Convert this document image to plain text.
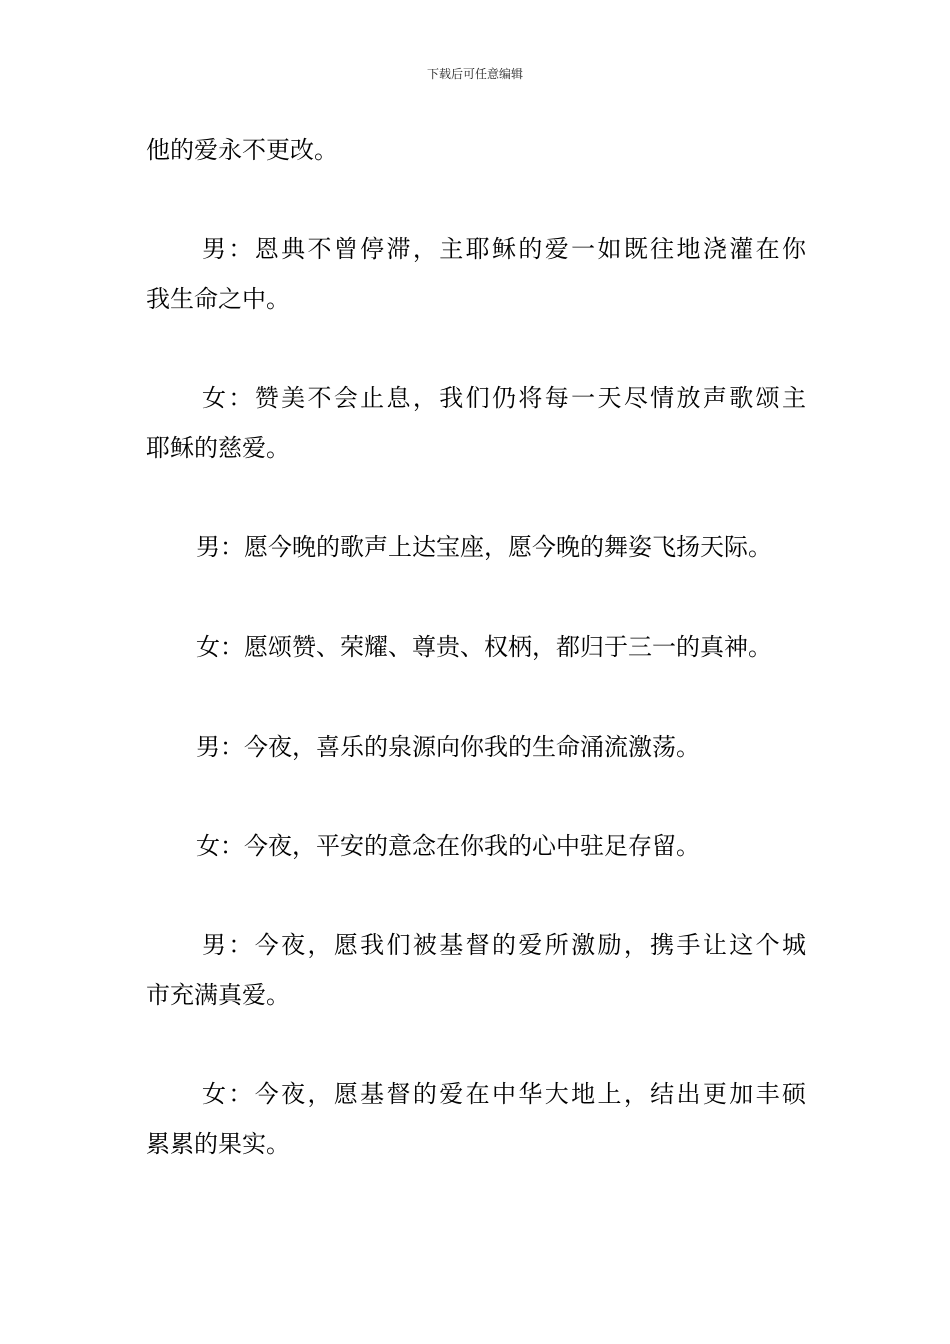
下载后可任意编辑
他的爱永不更改。
男：恩典不曾停滞，主耶稣的爱一如既往地浇灌在你
我生命之中。
女：赞美不会止息，我们仍将每一天尽情放声歌颂主
耶稣的慈爱。
男：愿今晚的歌声上达宝座，愿今晚的舞姿飞扬天际。
女：愿颂赞、荣耀、尊贵、权柄，都归于三一的真神。
男：今夜，喜乐的泉源向你我的生命涌流激荡。
女：今夜，平安的意念在你我的心中驻足存留。
男：今夜，愿我们被基督的爱所激励，携手让这个城
市充满真爱。
女：今夜，愿基督的爱在中华大地上，结出更加丰硕
累累的果实。
